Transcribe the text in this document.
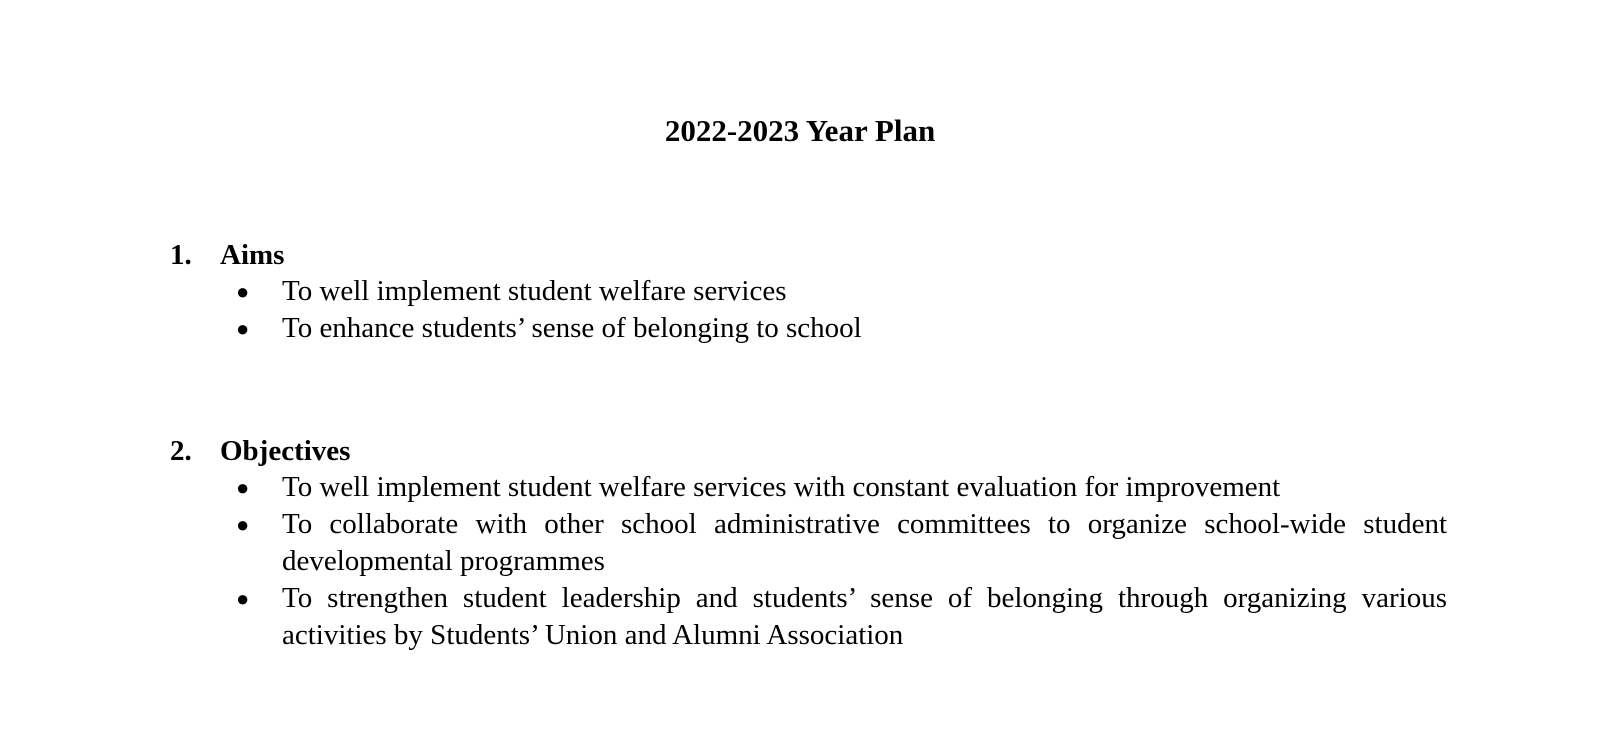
2022-2023 Year Plan
1. Aims
●	To well implement student welfare services
●	To enhance students’ sense of belonging to school
2. Objectives
●	To well implement student welfare services with constant evaluation for improvement
●	To collaborate with other school administrative committees to organize school-wide student developmental programmes
●	To strengthen student leadership and students’ sense of belonging through organizing various activities by Students’ Union and Alumni Association
